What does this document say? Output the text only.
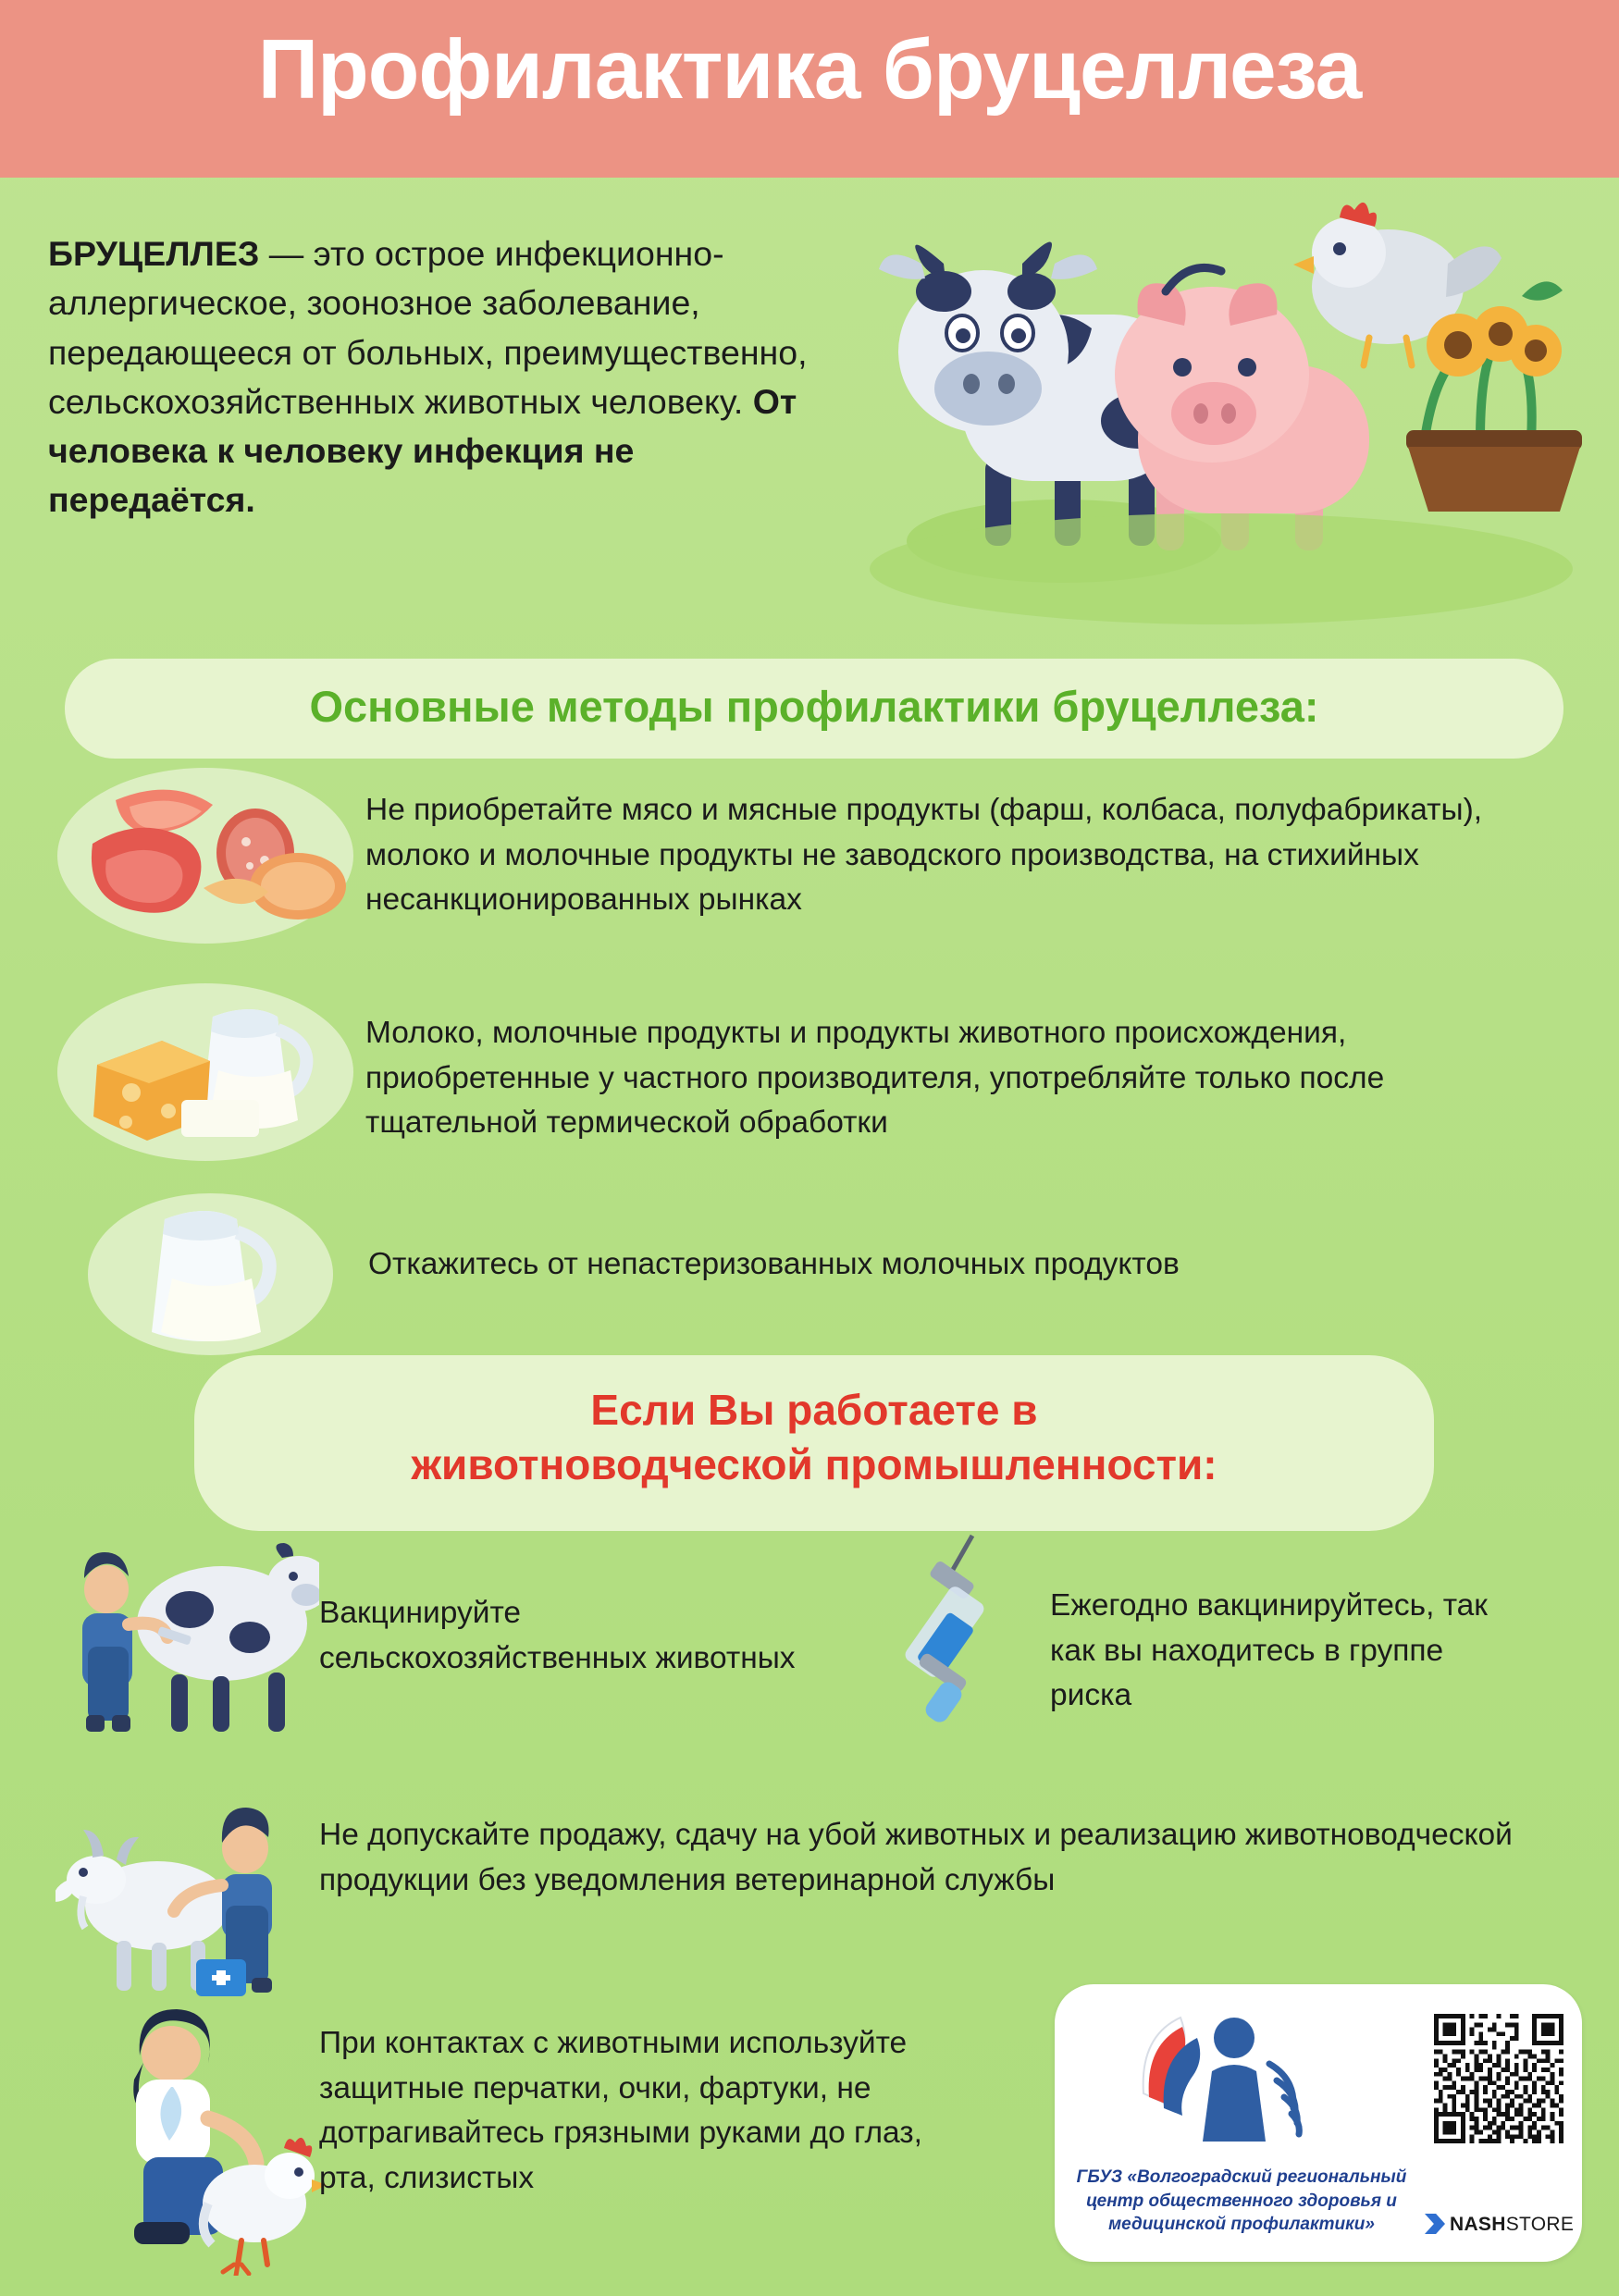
Профилактика бруцеллеза
БРУЦЕЛЛЕЗ — это острое инфекционно-аллергическое, зоонозное заболевание, передающееся от больных, преимущественно, сельскохозяйственных животных человеку. От человека к человеку инфекция не передаётся.
Основные методы профилактики бруцеллеза:
Не приобретайте мясо и мясные продукты (фарш, колбаса, полуфабрикаты), молоко и молочные продукты не заводского производства, на стихийных несанкционированных рынках
Молоко, молочные продукты и продукты животного происхождения, приобретенные у частного производителя, употребляйте только после тщательной термической обработки
Откажитесь от непастеризованных молочных продуктов
Если Вы работаете в
животноводческой промышленности:
Вакцинируйте сельскохозяйственных животных
Ежегодно вакцинируйтесь, так как вы находитесь в группе риска
Не допускайте продажу, сдачу на убой животных и реализацию животноводческой продукции без уведомления ветеринарной службы
При контактах с животными используйте защитные перчатки, очки, фартуки, не дотрагивайтесь грязными руками до глаз, рта, слизистых	ГБУЗ «Волгоградский региональный центр общественного здоровья и медицинской профилактики»	NASHSTORE
